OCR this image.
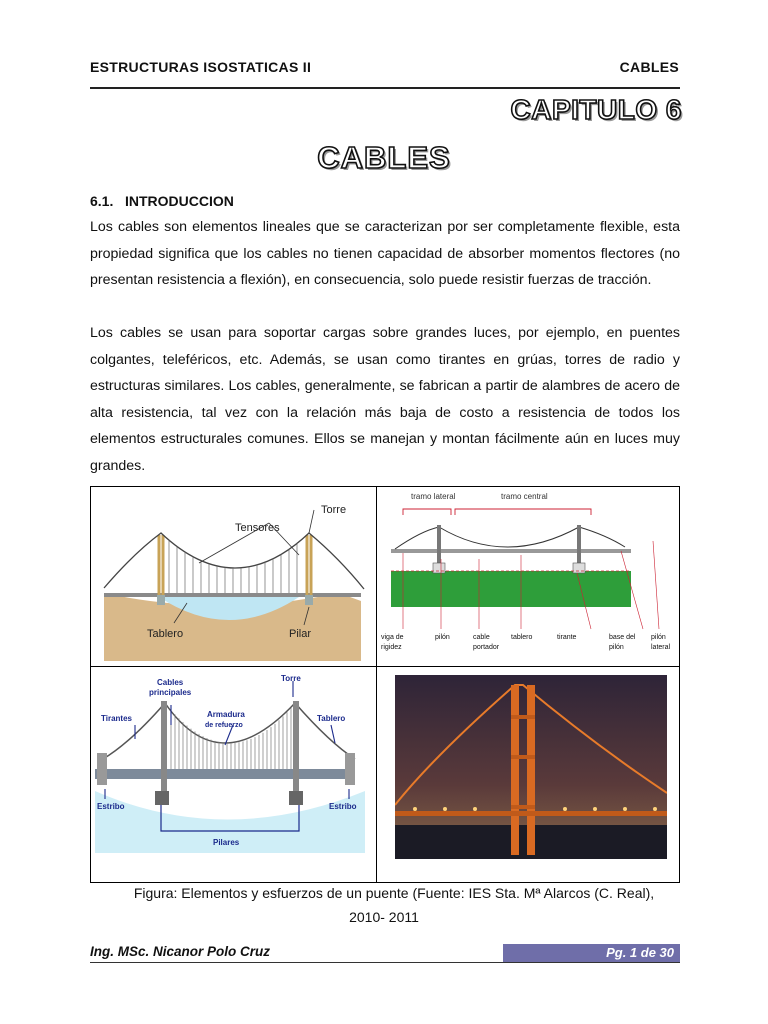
ESTRUCTURAS ISOSTATICAS II	CABLES
CAPITULO 6
CABLES
6.1. INTRODUCCION
Los cables son elementos lineales que se caracterizan por ser completamente flexible, esta propiedad significa que los cables no tienen capacidad de absorber momentos flectores (no presentan resistencia a flexión), en consecuencia, solo puede resistir fuerzas de tracción.
Los cables se usan para soportar cargas sobre grandes luces, por ejemplo, en puentes colgantes, teleféricos, etc. Además, se usan como tirantes en grúas, torres de radio y estructuras similares. Los cables, generalmente, se fabrican a partir de alambres de acero de alta resistencia, tal vez con la relación más baja de costo a resistencia de todos los elementos estructurales comunes. Ellos se manejan y montan fácilmente aún en luces muy grandes.
Torre
Tensores
Tablero	Pilar
tramo lateral	tramo central
viga de
rigidez
pilón	cable
portador
tablero	tirante	base del
pilón
pilón
lateral
Cables
principales
Torre
Tirantes	Armadura
de refuerzo
Tablero
Estribo	Estribo
Pilares
Figura: Elementos y esfuerzos de un puente (Fuente: IES Sta. Mª Alarcos (C. Real),
2010- 2011
Ing. MSc. Nicanor Polo Cruz	Pg. 1 de 30
